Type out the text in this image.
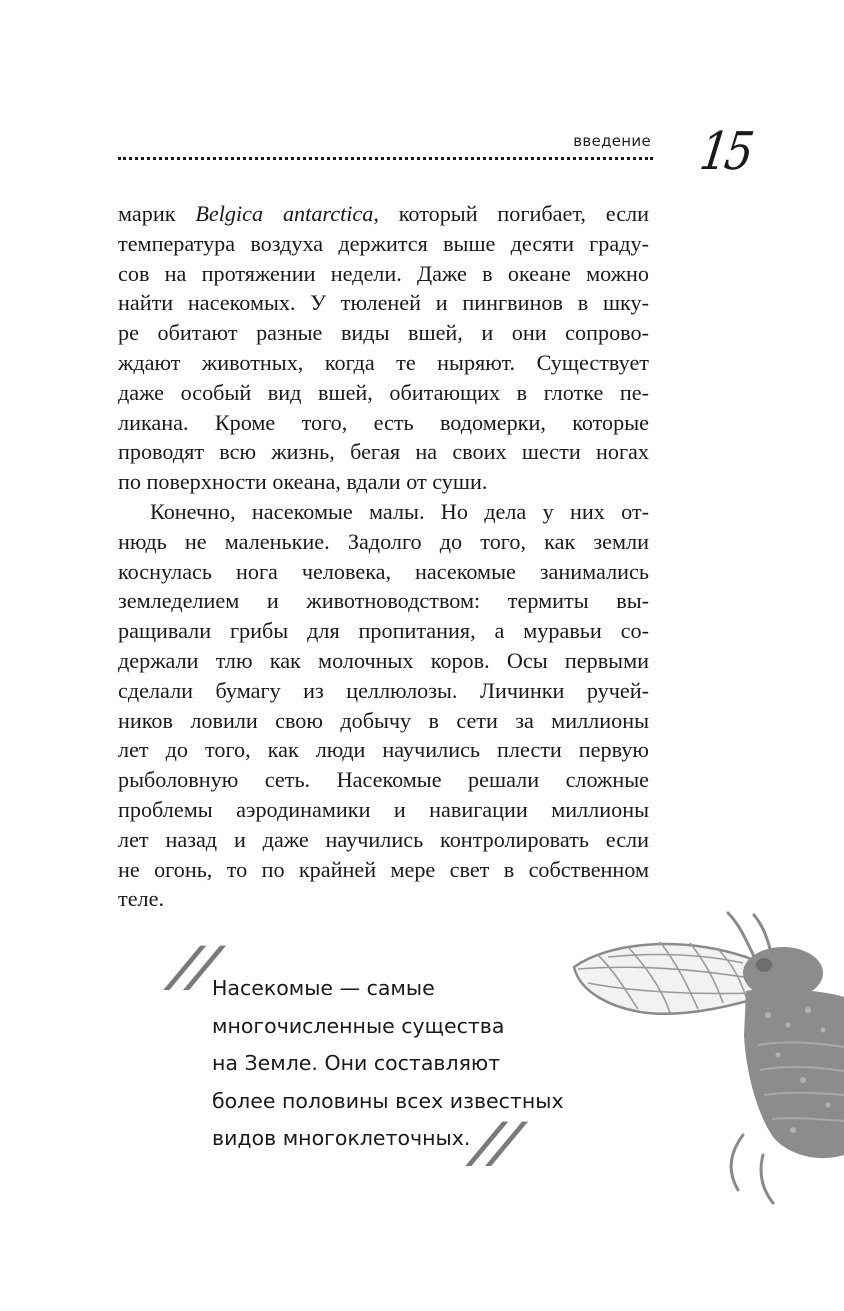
введение 15
марик Belgica antarctica, который погибает, если
температура воздуха держится выше десяти граду-
сов на протяжении недели. Даже в океане можно
найти насекомых. У тюленей и пингвинов в шку-
ре обитают разные виды вшей, и они сопрово-
ждают животных, когда те ныряют. Существует
даже особый вид вшей, обитающих в глотке пе-
ликана. Кроме того, есть водомерки, которые
проводят всю жизнь, бегая на своих шести ногах
по поверхности океана, вдали от суши.
Конечно, насекомые малы. Но дела у них от-
нюдь не маленькие. Задолго до того, как земли
коснулась нога человека, насекомые занимались
земледелием и животноводством: термиты вы-
ращивали грибы для пропитания, а муравьи со-
держали тлю как молочных коров. Осы первыми
сделали бумагу из целлюлозы. Личинки ручей-
ников ловили свою добычу в сети за миллионы
лет до того, как люди научились плести первую
рыболовную сеть. Насекомые решали сложные
проблемы аэродинамики и навигации миллионы
лет назад и даже научились контролировать если
не огонь, то по крайней мере свет в собственном
теле.
//
Насекомые — самые
многочисленные существа
на Земле. Они составляют
более половины всех известных
видов многоклеточных.
//
